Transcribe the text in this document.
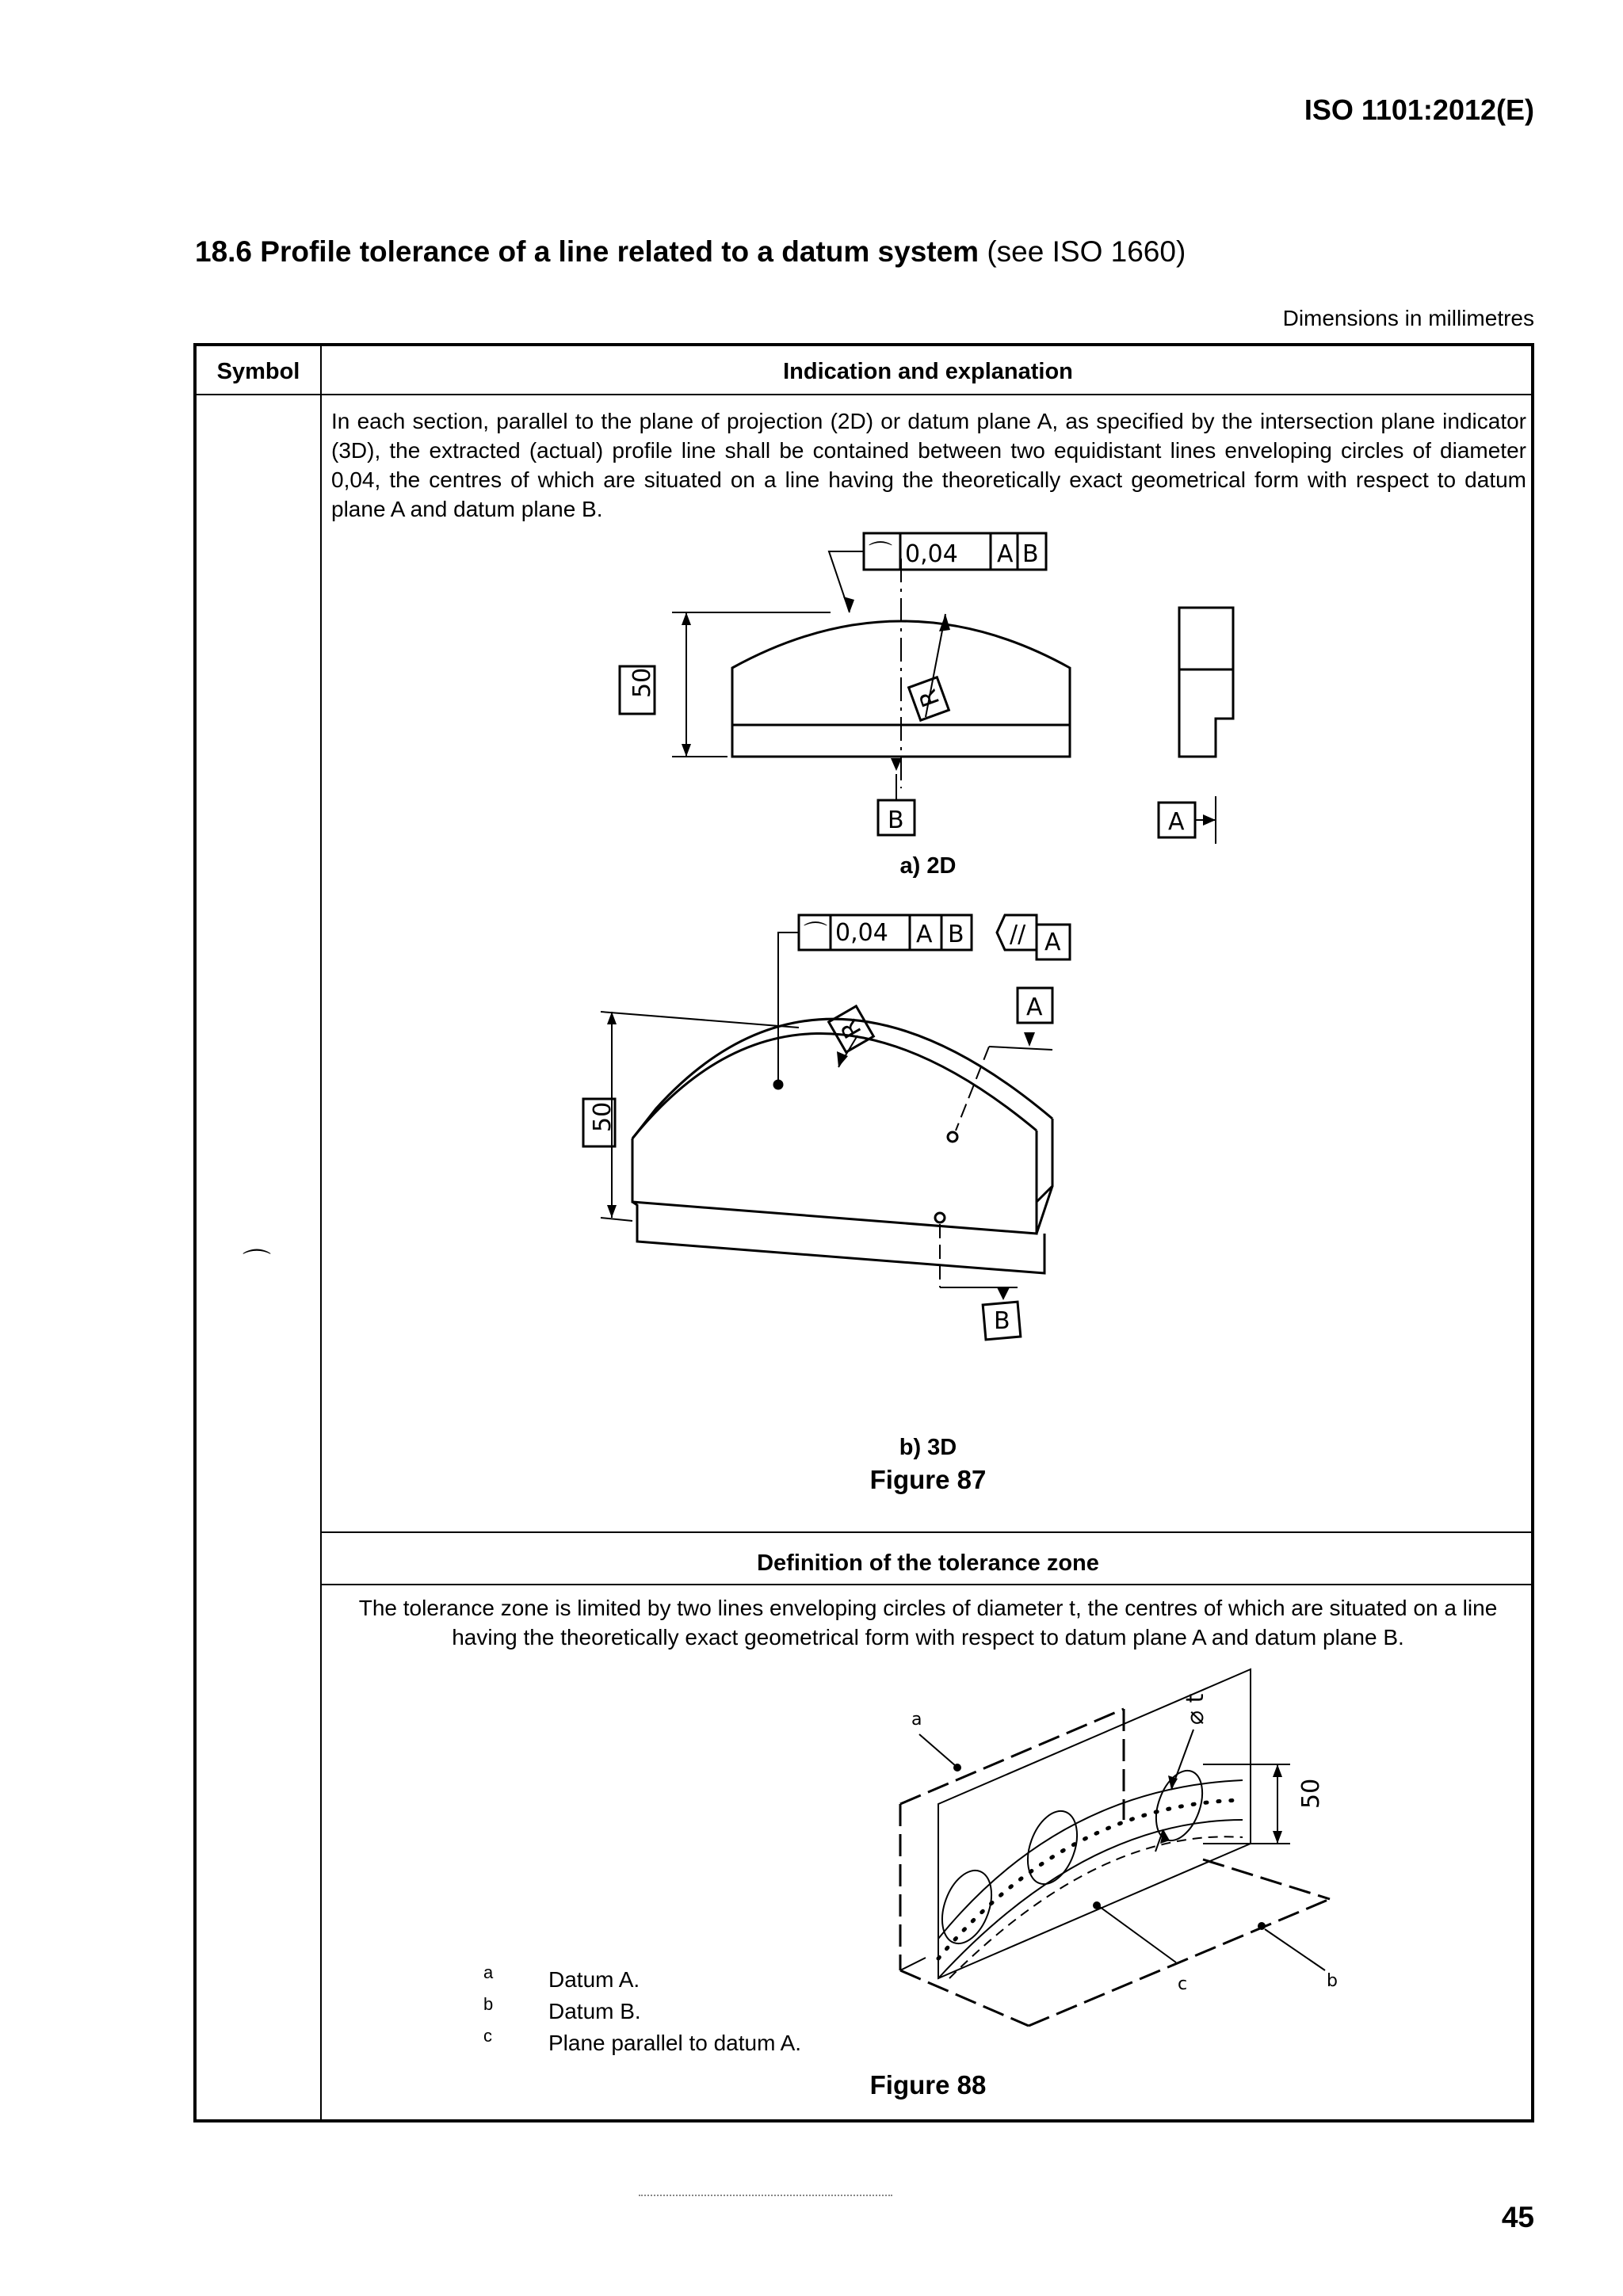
ISO 1101:2012(E)
18.6 Profile tolerance of a line related to a datum system (see ISO 1660)
Dimensions in millimetres
Symbol	Indication and explanation
⌒
In each section, parallel to the plane of projection (2D) or datum plane A, as specified by the intersection plane indicator (3D), the extracted (actual) profile line shall be contained between two equidistant lines enveloping circles of diameter 0,04, the centres of which are situated on a line having the theoretically exact geometrical form with respect to datum plane A and datum plane B.
⌒ 0,04 A B
B	A
R
50
a) 2D
⌒ 0,04 A B // A
A
B
R
50
b) 3D
Figure 87
Definition of the tolerance zone
The tolerance zone is limited by two lines enveloping circles of diameter t, the centres of which are situated on a line having the theoretically exact geometrical form with respect to datum plane A and datum plane B.
⌀ t
50
a
b
c
a Datum A.
b Datum B.
c	Plane parallel to datum A.
Figure 88
45
